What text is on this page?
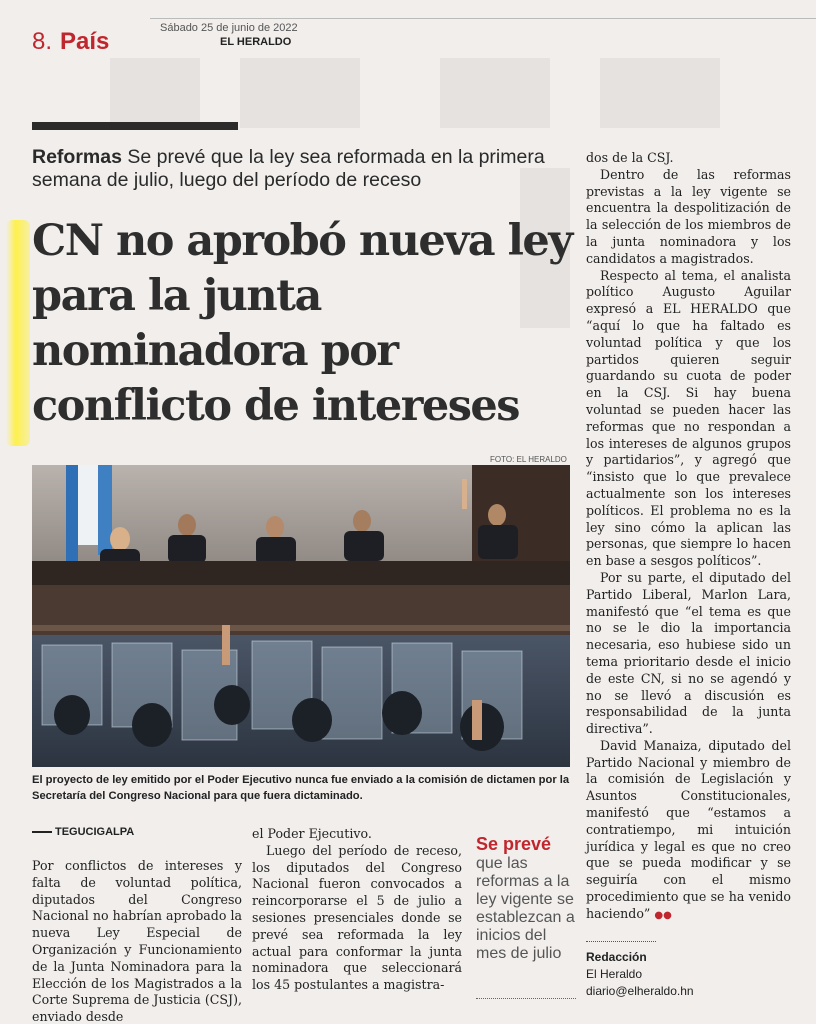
8. País	Sábado 25 de junio de 2022
EL HERALDO
Reformas Se prevé que la ley sea reformada en la primera semana de julio, luego del período de receso
CN no aprobó nueva ley para la junta nominadora por conflicto de intereses
FOTO: EL HERALDO
El proyecto de ley emitido por el Poder Ejecutivo nunca fue enviado a la comisión de dictamen por la Secretaría del Congreso Nacional para que fuera dictaminado.
TEGUCIGALPA

Por conflictos de intereses y falta de voluntad política, diputados del Congreso Nacional no habrían aprobado la nueva Ley Especial de Organización y Funcionamiento de la Junta Nominadora para la Elección de los Magistrados a la Corte Suprema de Justicia (CSJ), enviado desde

el Poder Ejecutivo.

Luego del período de receso, los diputados del Congreso Nacional fueron convocados a reincorporarse el 5 de julio a sesiones presenciales donde se prevé sea reformada la ley actual para conformar la junta nominadora que seleccionará los 45 postulantes a magistra-

Se prevé
que las reformas a la ley vigente se establezcan a inicios del mes de julio

dos de la CSJ.

Dentro de las reformas previstas a la ley vigente se encuentra la despolitización de la selección de los miembros de la junta nominadora y los candidatos a magistrados.

Respecto al tema, el analista político Augusto Aguilar expresó a EL HERALDO que “aquí lo que ha faltado es voluntad política y que los partidos quieren seguir guardando su cuota de poder en la CSJ. Si hay buena voluntad se pueden hacer las reformas que no respondan a los intereses de algunos grupos y partidarios”, y agregó que “insisto que lo que prevalece actualmente son los intereses políticos. El problema no es la ley sino cómo la aplican las personas, que siempre lo hacen en base a sesgos políticos”.

Por su parte, el diputado del Partido Liberal, Marlon Lara, manifestó que “el tema es que no se le dio la importancia necesaria, eso hubiese sido un tema prioritario desde el inicio de este CN, si no se agendó y no se llevó a discusión es responsabilidad de la junta directiva”.

David Manaiza, diputado del Partido Nacional y miembro de la comisión de Legislación y Asuntos Constitucionales, manifestó que “estamos a contratiempo, mi intuición jurídica y legal es que no creo que se pueda modificar y se seguiría con el mismo procedimiento que se ha venido haciendo” ●●

Redacción
El Heraldo
diario@elheraldo.hn
